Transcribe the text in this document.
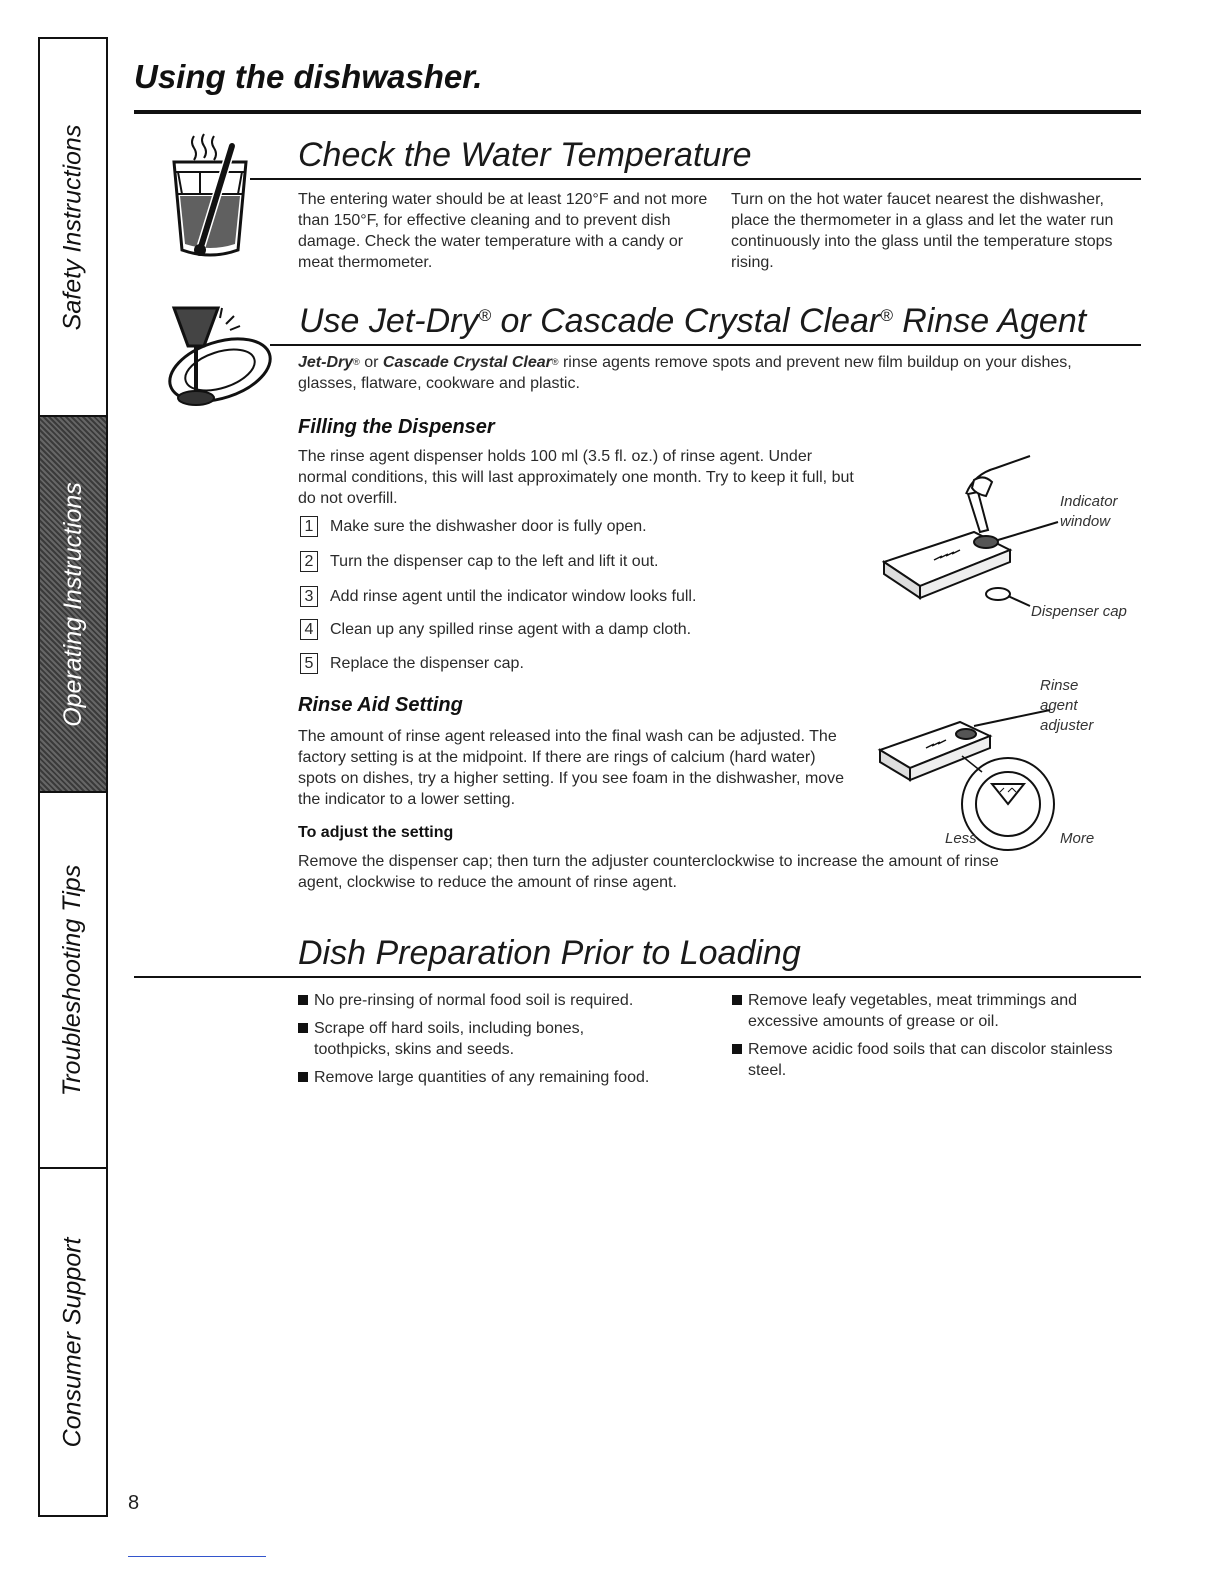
Safety Instructions
Operating Instructions
Troubleshooting Tips
Consumer Support
Using the dishwasher.
Check the Water Temperature

The entering water should be at least 120°F and not more than 150°F, for effective cleaning and to prevent dish damage. Check the water temperature with a candy or meat thermometer.

Turn on the hot water faucet nearest the dishwasher, place the thermometer in a glass and let the water run continuously into the glass until the temperature stops rising.

Use Jet-Dry® or Cascade Crystal Clear® Rinse Agent

Jet-Dry® or Cascade Crystal Clear® rinse agents remove spots and prevent new film buildup on your dishes, glasses, flatware, cookware and plastic.

Filling the Dispenser

The rinse agent dispenser holds 100 ml (3.5 fl. oz.) of rinse agent. Under normal conditions, this will last approximately one month. Try to keep it full, but do not overfill.

1 Make sure the dishwasher door is fully open.
2 Turn the dispenser cap to the left and lift it out.
3 Add rinse agent until the indicator window looks full.
4 Clean up any spilled rinse agent with a damp cloth.
5 Replace the dispenser cap.

Indicator window

Dispenser cap

Rinse Aid Setting

The amount of rinse agent released into the final wash can be adjusted. The factory setting is at the midpoint. If there are rings of calcium (hard water) spots on dishes, try a higher setting. If you see foam in the dishwasher, move the indicator to a lower setting.

To adjust the setting

Remove the dispenser cap; then turn the adjuster counterclockwise to increase the amount of rinse agent, clockwise to reduce the amount of rinse agent.

Rinse agent adjuster

Less	More

Dish Preparation Prior to Loading
No pre-rinsing of normal food soil is required.
Scrape off hard soils, including bones, toothpicks, skins and seeds.
Remove large quantities of any remaining food.
Remove leafy vegetables, meat trimmings and excessive amounts of grease or oil.
Remove acidic food soils that can discolor stainless steel.

8
